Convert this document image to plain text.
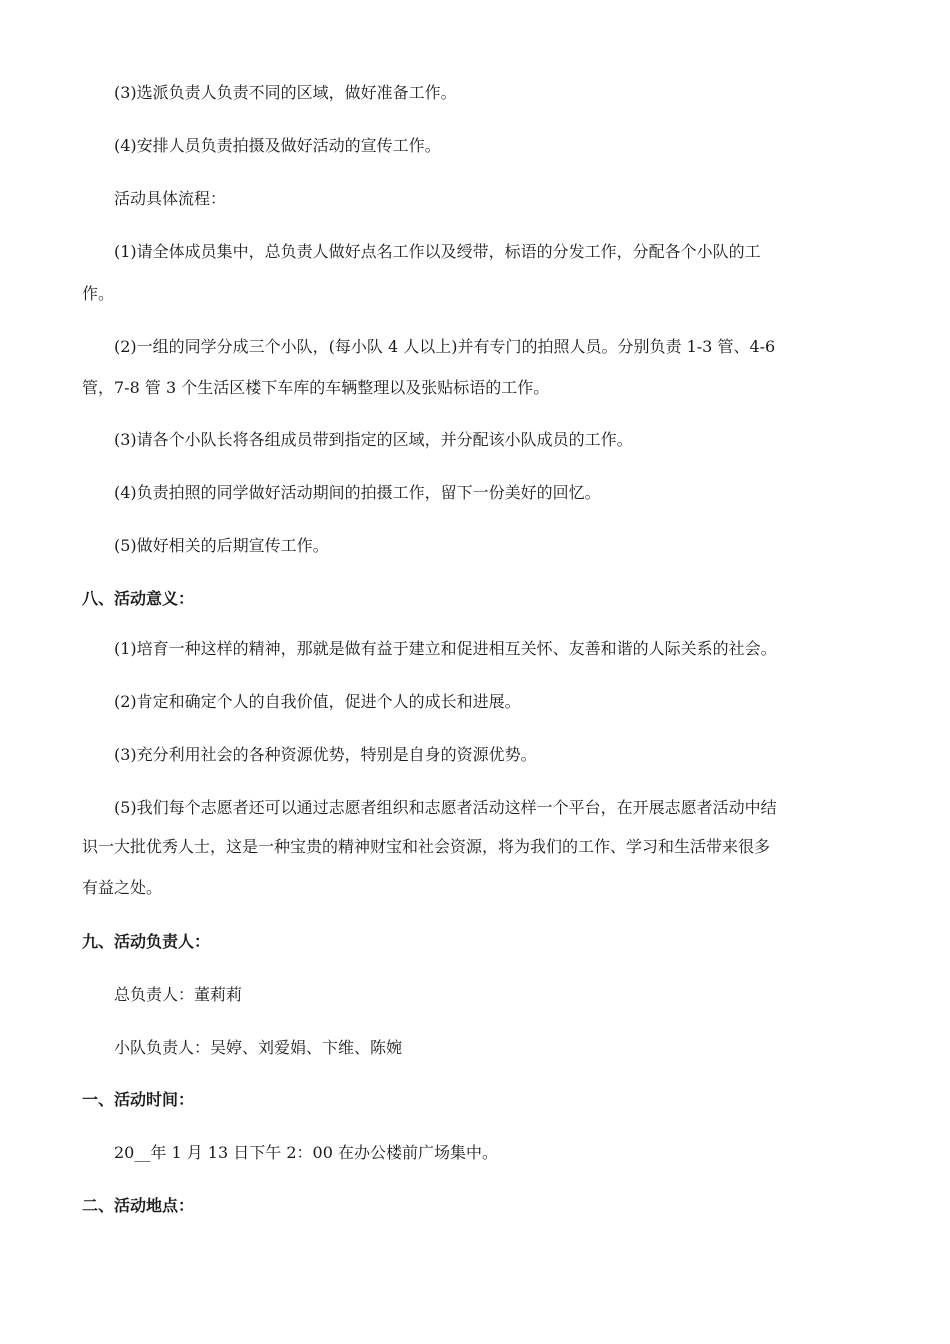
(3)选派负责人负责不同的区域，做好准备工作。
(4)安排人员负责拍摄及做好活动的宣传工作。
活动具体流程：
(1)请全体成员集中，总负责人做好点名工作以及绶带，标语的分发工作，分配各个小队的工
作。
(2)一组的同学分成三个小队，(每小队 4 人以上)并有专门的拍照人员。分别负责 1-3 管、4-6
管，7-8 管 3 个生活区楼下车库的车辆整理以及张贴标语的工作。
(3)请各个小队长将各组成员带到指定的区域，并分配该小队成员的工作。
(4)负责拍照的同学做好活动期间的拍摄工作，留下一份美好的回忆。
(5)做好相关的后期宣传工作。
八、活动意义：
(1)培育一种这样的精神，那就是做有益于建立和促进相互关怀、友善和谐的人际关系的社会。
(2)肯定和确定个人的自我价值，促进个人的成长和进展。
(3)充分利用社会的各种资源优势，特别是自身的资源优势。
(5)我们每个志愿者还可以通过志愿者组织和志愿者活动这样一个平台，在开展志愿者活动中结
识一大批优秀人士，这是一种宝贵的精神财宝和社会资源，将为我们的工作、学习和生活带来很多
有益之处。
九、活动负责人：
总负责人：董莉莉
小队负责人：吴婷、刘爱娟、卞维、陈婉
一、活动时间：
20__年 1 月 13 日下午 2：00 在办公楼前广场集中。
二、活动地点：
